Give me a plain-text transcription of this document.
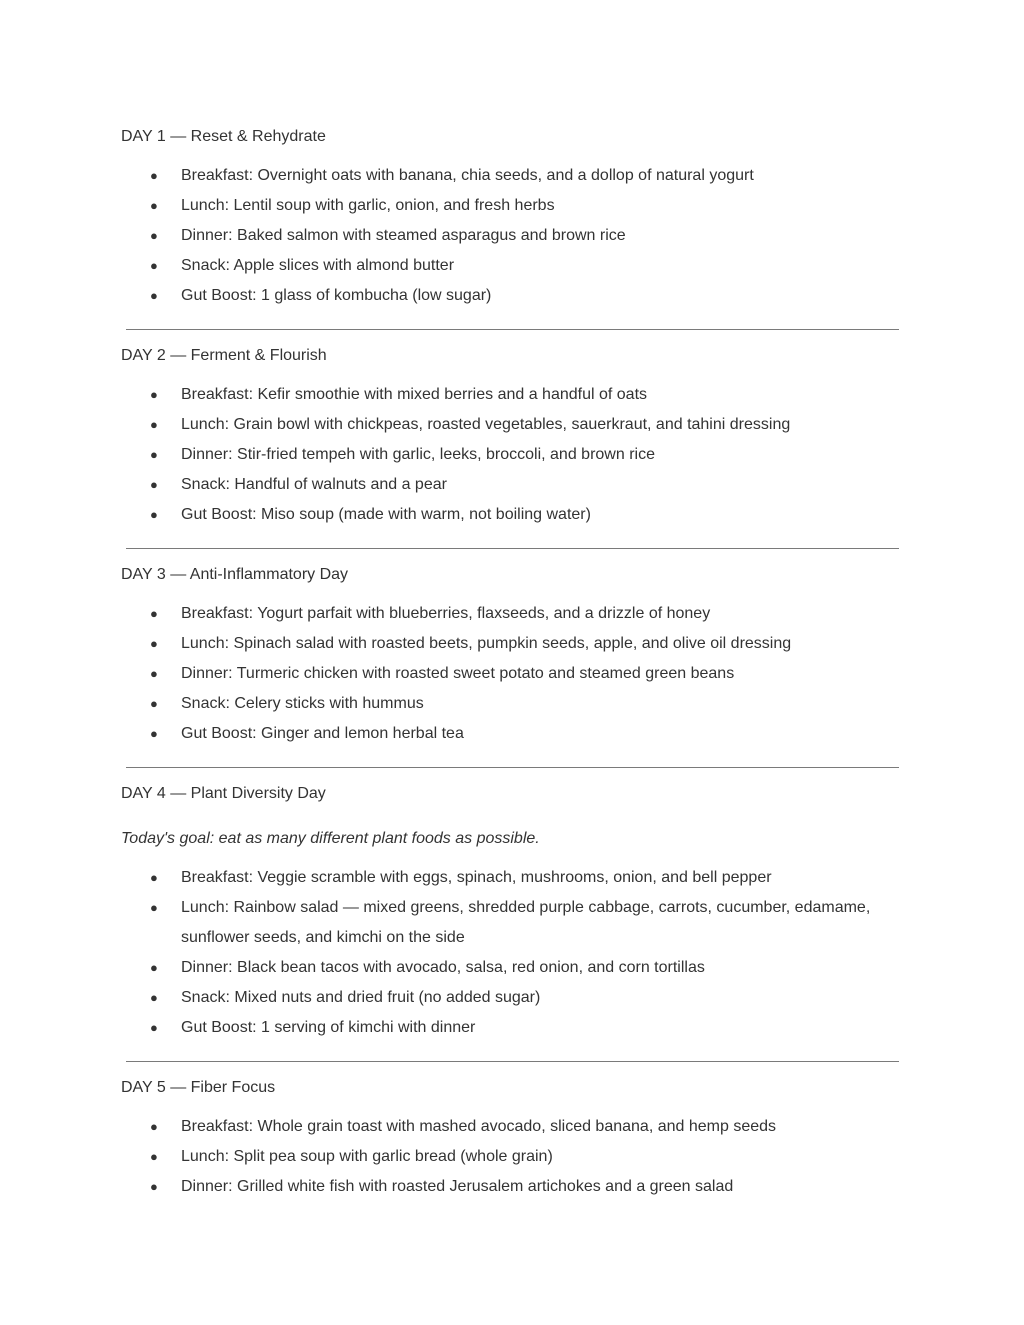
DAY 1 — Reset & Rehydrate

● Breakfast: Overnight oats with banana, chia seeds, and a dollop of natural yogurt
● Lunch: Lentil soup with garlic, onion, and fresh herbs
● Dinner: Baked salmon with steamed asparagus and brown rice
● Snack: Apple slices with almond butter
● Gut Boost: 1 glass of kombucha (low sugar)

DAY 2 — Ferment & Flourish

● Breakfast: Kefir smoothie with mixed berries and a handful of oats
● Lunch: Grain bowl with chickpeas, roasted vegetables, sauerkraut, and tahini dressing
● Dinner: Stir-fried tempeh with garlic, leeks, broccoli, and brown rice
● Snack: Handful of walnuts and a pear
● Gut Boost: Miso soup (made with warm, not boiling water)

DAY 3 — Anti-Inflammatory Day

● Breakfast: Yogurt parfait with blueberries, flaxseeds, and a drizzle of honey
● Lunch: Spinach salad with roasted beets, pumpkin seeds, apple, and olive oil dressing
● Dinner: Turmeric chicken with roasted sweet potato and steamed green beans
● Snack: Celery sticks with hummus
● Gut Boost: Ginger and lemon herbal tea

DAY 4 — Plant Diversity Day

Today's goal: eat as many different plant foods as possible.

● Breakfast: Veggie scramble with eggs, spinach, mushrooms, onion, and bell pepper
● Lunch: Rainbow salad — mixed greens, shredded purple cabbage, carrots, cucumber, edamame, sunflower seeds, and kimchi on the side
● Dinner: Black bean tacos with avocado, salsa, red onion, and corn tortillas
● Snack: Mixed nuts and dried fruit (no added sugar)
● Gut Boost: 1 serving of kimchi with dinner

DAY 5 — Fiber Focus

● Breakfast: Whole grain toast with mashed avocado, sliced banana, and hemp seeds
● Lunch: Split pea soup with garlic bread (whole grain)
● Dinner: Grilled white fish with roasted Jerusalem artichokes and a green salad
